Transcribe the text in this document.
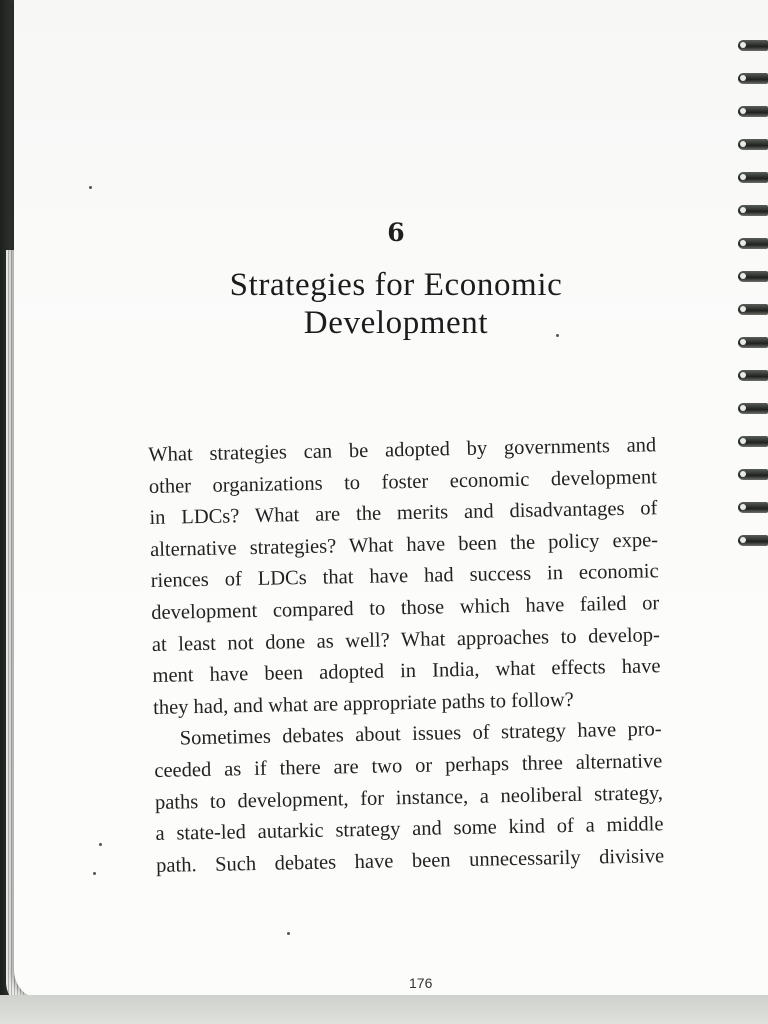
6
Strategies for Economic
Development
What strategies can be adopted by governments and
other organizations to foster economic development
in LDCs? What are the merits and disadvantages of
alternative strategies? What have been the policy expe-
riences of LDCs that have had success in economic
development compared to those which have failed or
at least not done as well? What approaches to develop-
ment have been adopted in India, what effects have
they had, and what are appropriate paths to follow?
Sometimes debates about issues of strategy have pro-
ceeded as if there are two or perhaps three alternative
paths to development, for instance, a neoliberal strategy,
a state-led autarkic strategy and some kind of a middle
path. Such debates have been unnecessarily divisive
176
